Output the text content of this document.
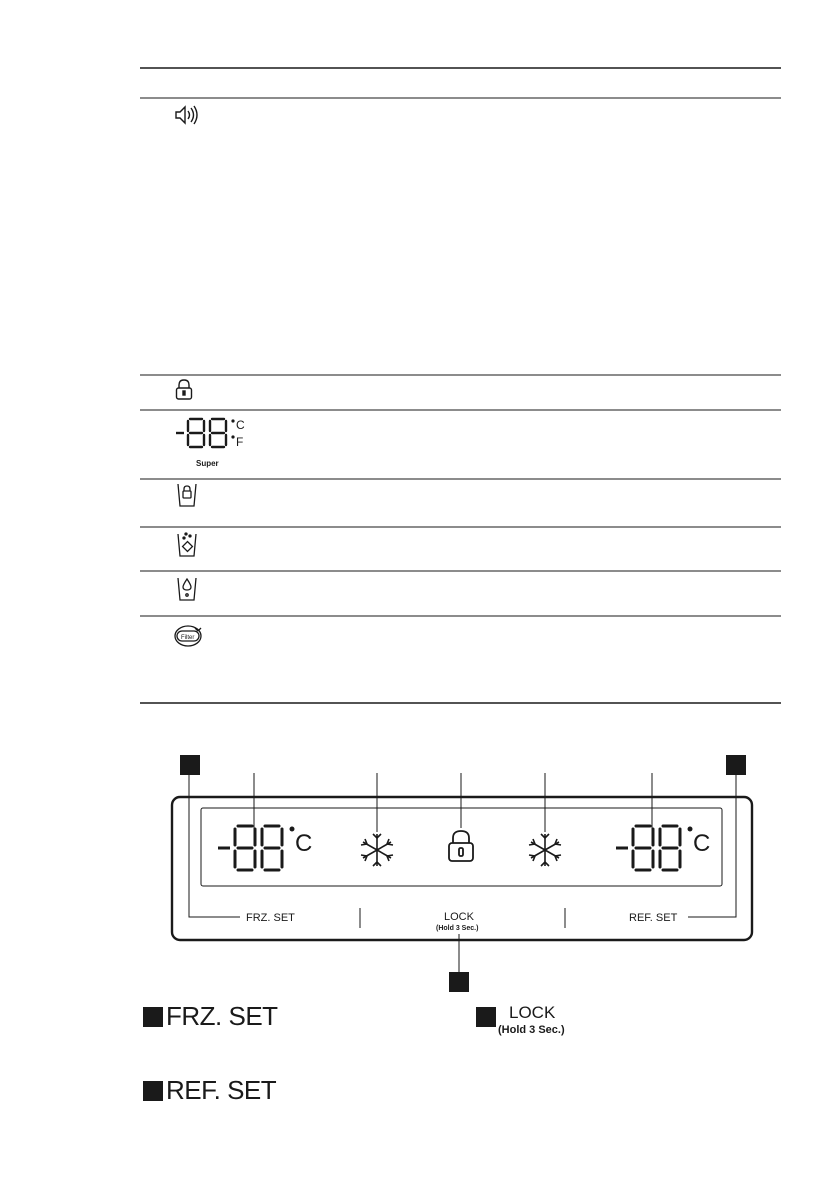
C
F
Super
Filter
C	C
FRZ. SET	LOCK
(Hold 3 Sec.)
REF. SET
FRZ. SET	LOCK
(Hold 3 Sec.)
REF. SET
